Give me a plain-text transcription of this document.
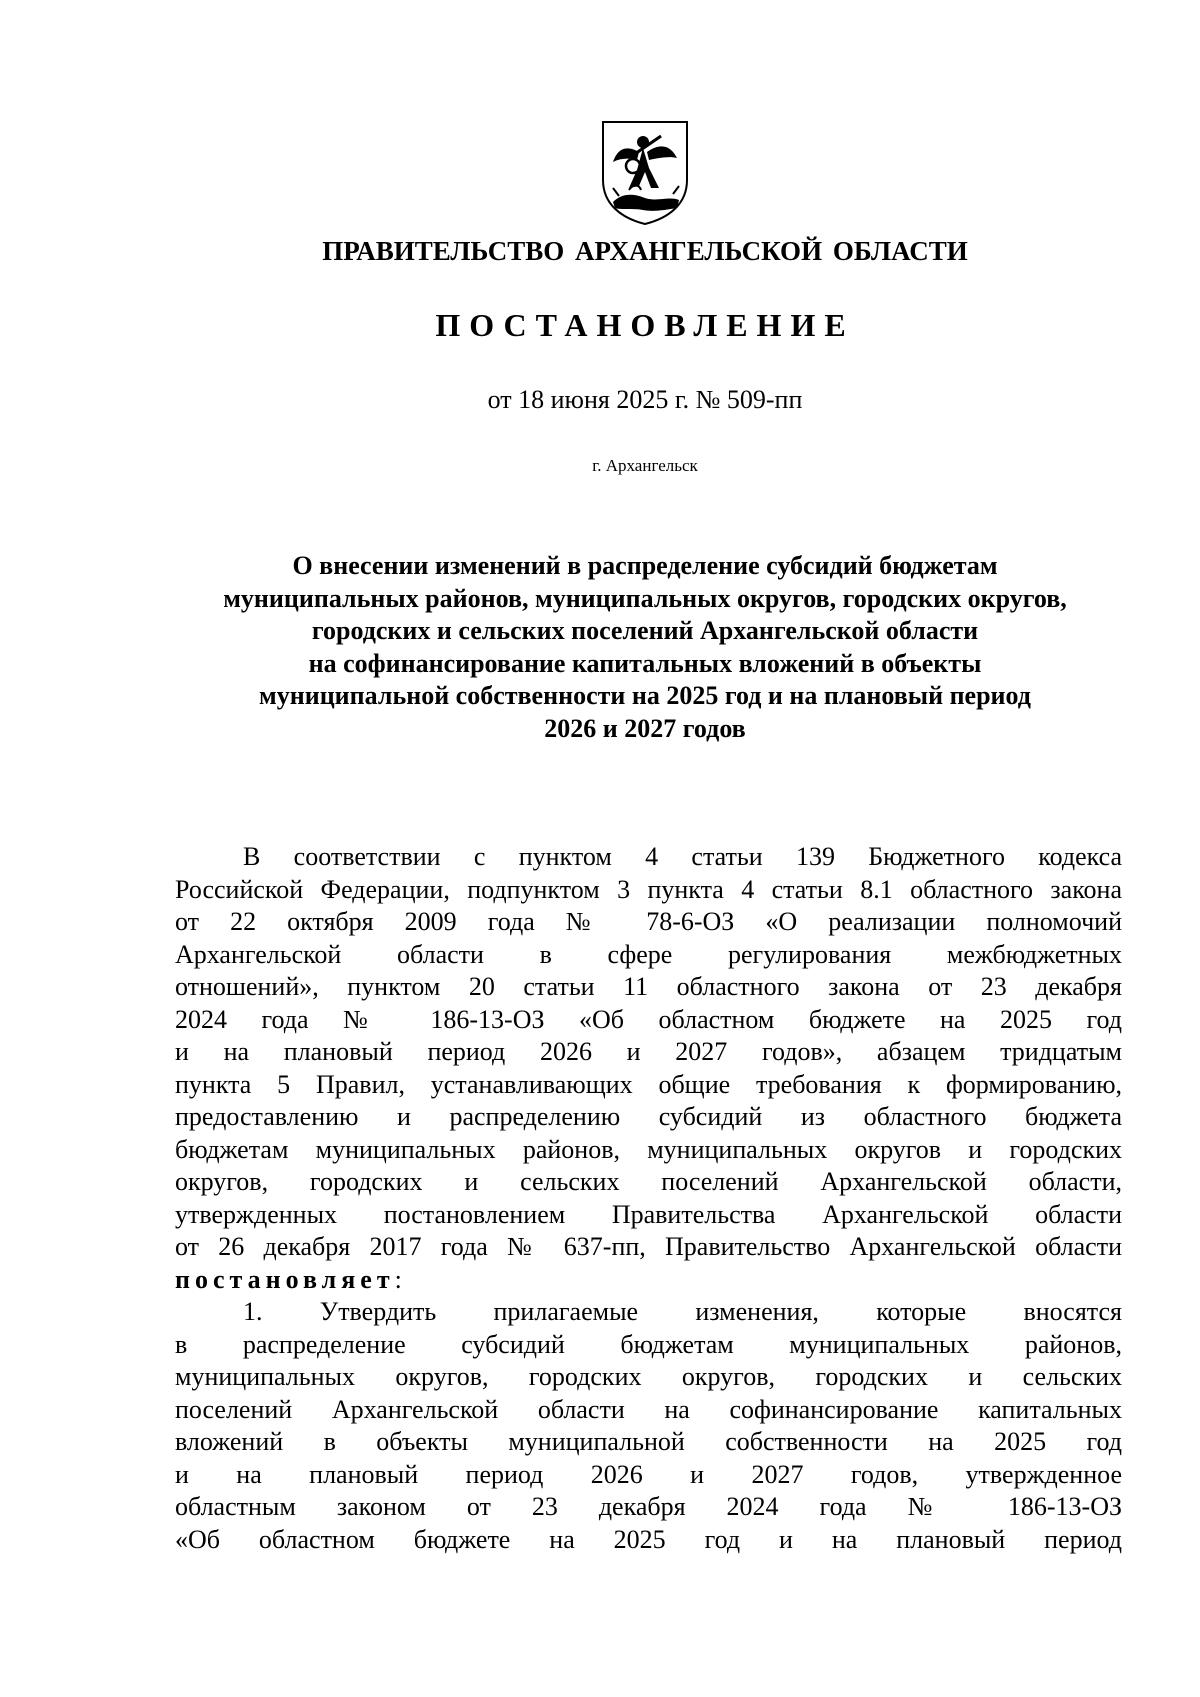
ПРАВИТЕЛЬСТВО АРХАНГЕЛЬСКОЙ ОБЛАСТИ
ПОСТАНОВЛЕНИЕ
от 18 июня 2025 г. № 509-пп
г. Архангельск
О внесении изменений в распределение субсидий бюджетам
муниципальных районов, муниципальных округов, городских округов,
городских и сельских поселений Архангельской области
на софинансирование капитальных вложений в объекты
муниципальной собственности на 2025 год и на плановый период
2026 и 2027 годов
В соответствии с пунктом 4 статьи 139 Бюджетного кодекса
Российской Федерации, подпунктом 3 пункта 4 статьи 8.1 областного закона
от 22 октября 2009 года № 78-6-ОЗ «О реализации полномочий
Архангельской области в сфере регулирования межбюджетных
отношений», пунктом 20 статьи 11 областного закона от 23 декабря
2024 года № 186-13-ОЗ «Об областном бюджете на 2025 год
и на плановый период 2026 и 2027 годов», абзацем тридцатым
пункта 5 Правил, устанавливающих общие требования к формированию,
предоставлению и распределению субсидий из областного бюджета
бюджетам муниципальных районов, муниципальных округов и городских
округов, городских и сельских поселений Архангельской области,
утвержденных постановлением Правительства Архангельской области
от 26 декабря 2017 года № 637-пп, Правительство Архангельской области
постановляет:
1. Утвердить прилагаемые изменения, которые вносятся
в распределение субсидий бюджетам муниципальных районов,
муниципальных округов, городских округов, городских и сельских
поселений Архангельской области на софинансирование капитальных
вложений в объекты муниципальной собственности на 2025 год
и на плановый период 2026 и 2027 годов, утвержденное
областным законом от 23 декабря 2024 года № 186-13-ОЗ
«Об областном бюджете на 2025 год и на плановый период
